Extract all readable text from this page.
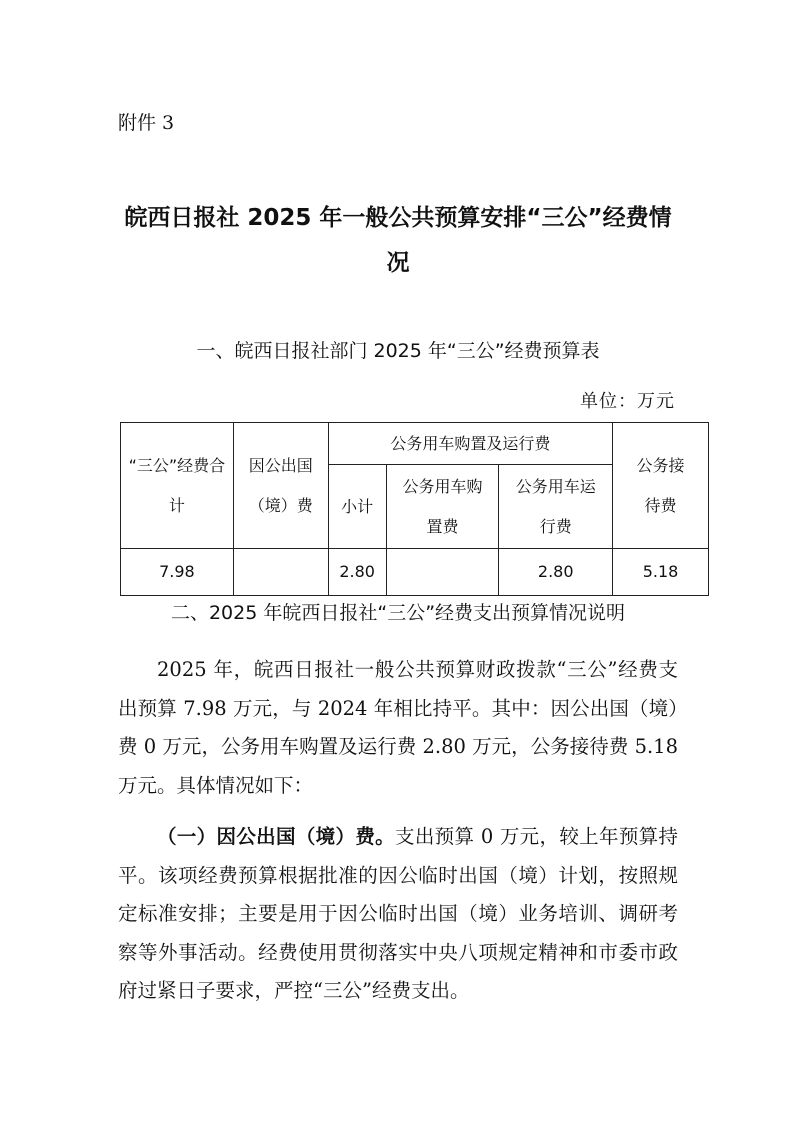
附件 3
皖西日报社 2025 年一般公共预算安排“三公”经费情况
一、皖西日报社部门 2025 年“三公”经费预算表
单位：万元
“三公”经费合计	因公出国（境）费	公务用车购置及运行费			公务接待费
		小计	公务用车购置费	公务用车运行费	
7.98		2.80		2.80	5.18
二、2025 年皖西日报社“三公”经费支出预算情况说明

2025 年，皖西日报社一般公共预算财政拨款“三公”经费支出预算 7.98 万元，与 2024 年相比持平。其中：因公出国（境）费 0 万元，公务用车购置及运行费 2.80 万元，公务接待费 5.18 万元。具体情况如下：

（一）因公出国（境）费。支出预算 0 万元，较上年预算持平。该项经费预算根据批准的因公临时出国（境）计划，按照规定标准安排；主要是用于因公临时出国（境）业务培训、调研考察等外事活动。经费使用贯彻落实中央八项规定精神和市委市政府过紧日子要求，严控“三公”经费支出。
